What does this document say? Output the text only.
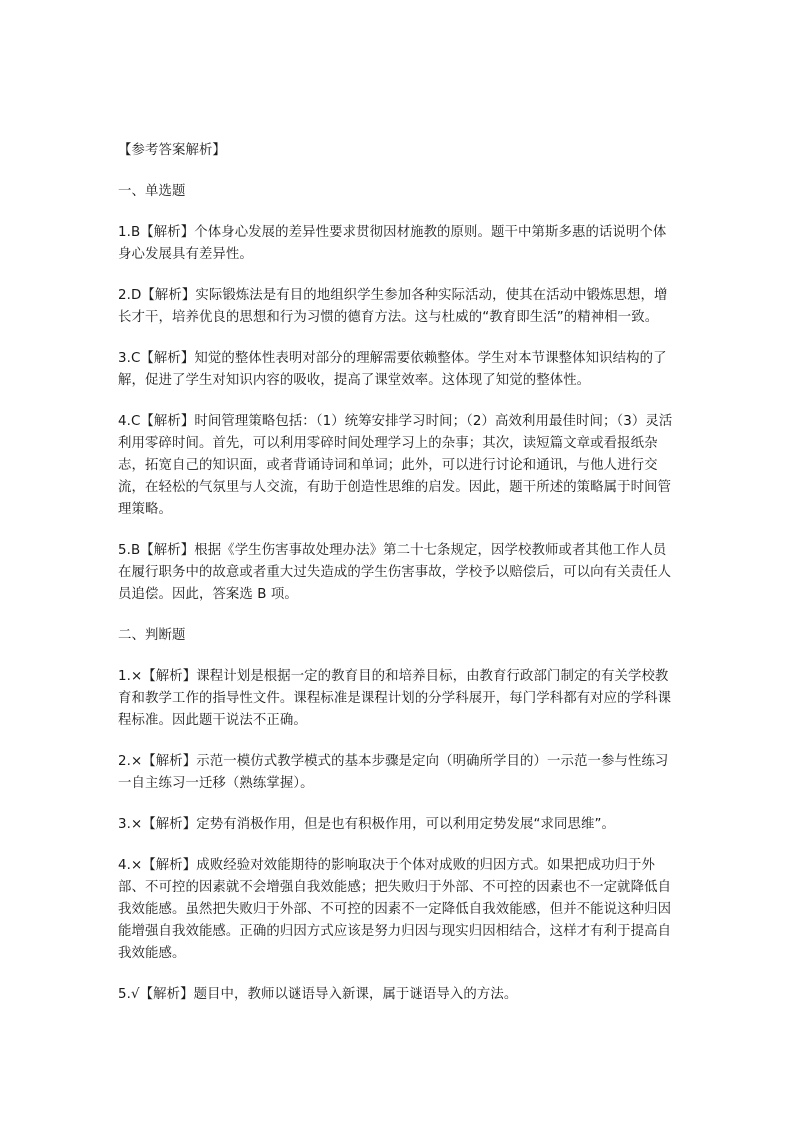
【参考答案解析】
一、单选题

1.B【解析】个体身心发展的差异性要求贯彻因材施教的原则。题干中第斯多惠的话说明个体身心发展具有差异性。

2.D【解析】实际锻炼法是有目的地组织学生参加各种实际活动，使其在活动中锻炼思想，增长才干，培养优良的思想和行为习惯的德育方法。这与杜威的“教育即生活”的精神相一致。

3.C【解析】知觉的整体性表明对部分的理解需要依赖整体。学生对本节课整体知识结构的了解，促进了学生对知识内容的吸收，提高了课堂效率。这体现了知觉的整体性。

4.C【解析】时间管理策略包括：（1）统筹安排学习时间；（2）高效利用最佳时间；（3）灵活利用零碎时间。首先，可以利用零碎时间处理学习上的杂事；其次，读短篇文章或看报纸杂志，拓宽自己的知识面，或者背诵诗词和单词；此外，可以进行讨论和通讯，与他人进行交流，在轻松的气氛里与人交流，有助于创造性思维的启发。因此，题干所述的策略属于时间管理策略。

5.B【解析】根据《学生伤害事故处理办法》第二十七条规定，因学校教师或者其他工作人员在履行职务中的故意或者重大过失造成的学生伤害事故，学校予以赔偿后，可以向有关责任人员追偿。因此，答案选 B 项。

二、判断题

1.×【解析】课程计划是根据一定的教育目的和培养目标，由教育行政部门制定的有关学校教育和教学工作的指导性文件。课程标准是课程计划的分学科展开，每门学科都有对应的学科课程标准。因此题干说法不正确。

2.×【解析】示范一模仿式教学模式的基本步骤是定向（明确所学目的）一示范一参与性练习一自主练习一迁移（熟练掌握）。

3.×【解析】定势有消极作用，但是也有积极作用，可以利用定势发展“求同思维”。

4.×【解析】成败经验对效能期待的影响取决于个体对成败的归因方式。如果把成功归于外部、不可控的因素就不会增强自我效能感；把失败归于外部、不可控的因素也不一定就降低自我效能感。虽然把失败归于外部、不可控的因素不一定降低自我效能感，但并不能说这种归因能增强自我效能感。正确的归因方式应该是努力归因与现实归因相结合，这样才有利于提高自我效能感。

5.√【解析】题目中，教师以谜语导入新课，属于谜语导入的方法。
